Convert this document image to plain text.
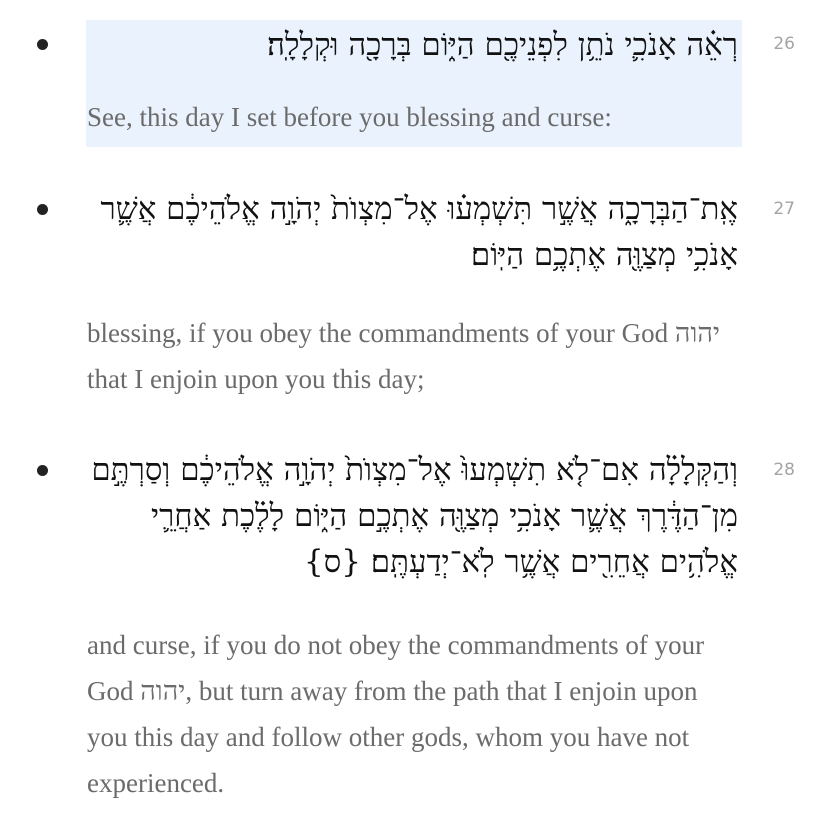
26
רְאֵ֗ה אָנֹכִ֛י נֹתֵ֥ן לִפְנֵיכֶ֖ם הַיּ֑וֹם בְּרָכָ֖ה וּקְלָלָֽה׃
See, this day I set before you blessing and curse:
27
אֶֽת־הַבְּרָכָ֑ה אֲשֶׁ֣ר תִּשְׁמְע֗וּ אֶל־מִצְוֺת֙ יְהֹוָ֣ה אֱלֹהֵיכֶ֔ם אֲשֶׁ֛ר אָנֹכִ֥י מְצַוֶּ֖ה אֶתְכֶ֥ם הַיּֽוֹם׃
blessing, if you obey the commandments of your God יהוה that I enjoin upon you this day;
28
וְהַקְּלָלָ֗ה אִם־לֹ֤א תִשְׁמְעוּ֙ אֶל־מִצְוֺת֙ יְהֹוָ֣ה אֱלֹהֵיכֶ֔ם וְסַרְתֶּ֣ם מִן־הַדֶּ֔רֶךְ אֲשֶׁ֛ר אָנֹכִ֥י מְצַוֶּ֖ה אֶתְכֶ֣ם הַיּ֑וֹם לָלֶ֗כֶת אַחֲרֵ֛י אֱלֹהִ֥ים אֲחֵרִ֖ים אֲשֶׁ֥ר לֹֽא־יְדַעְתֶּֽם׃ {ס}
and curse, if you do not obey the commandments of your God יהוה, but turn away from the path that I enjoin upon you this day and follow other gods, whom you have not experienced.
